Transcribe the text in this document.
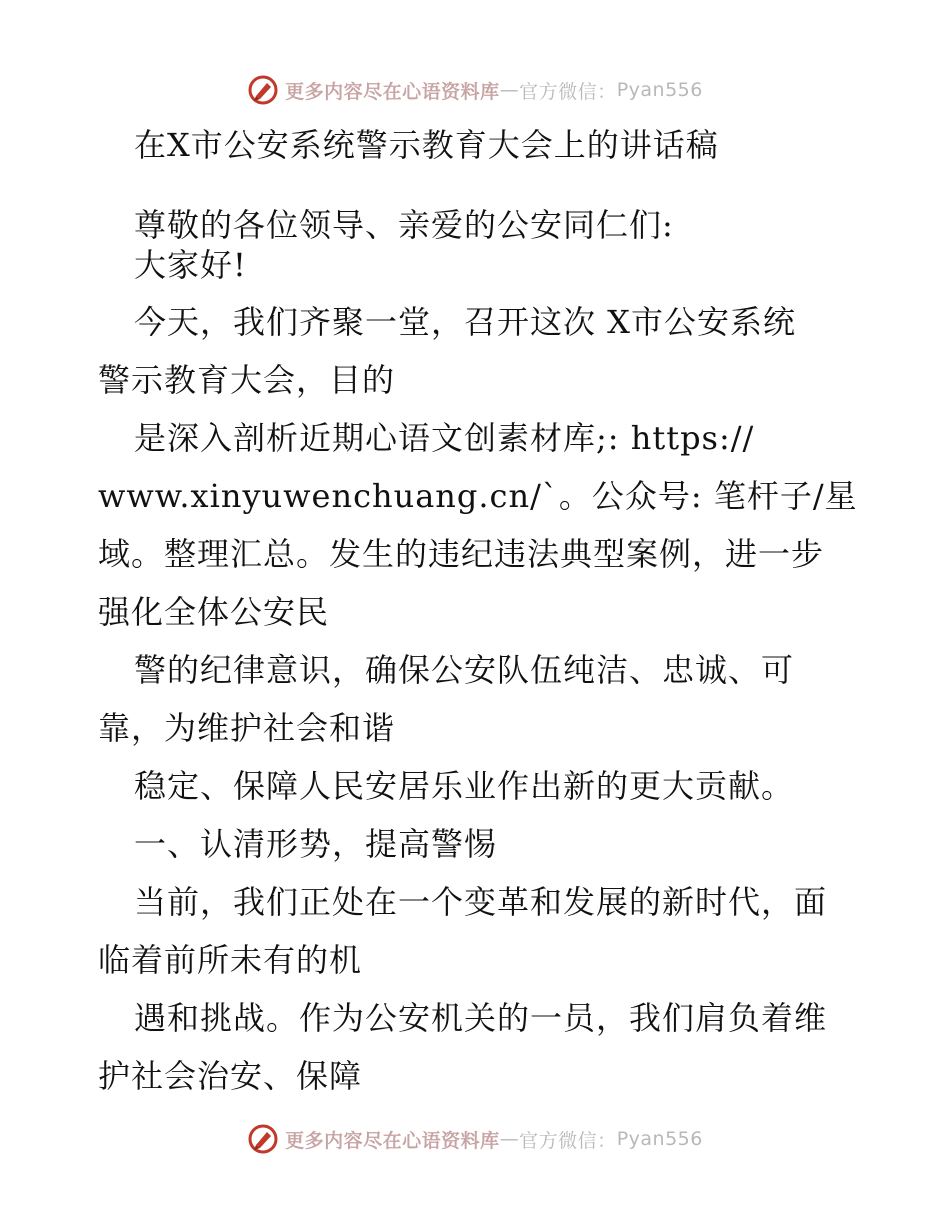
更多内容尽在心语资料库 — 官方微信： Pyan556
在X市公安系统警示教育大会上的讲话稿
尊敬的各位领导、亲爱的公安同仁们:
大家好!
今天，我们齐聚一堂，召开这次 X市公安系统
警示教育大会，目的
是深入剖析近期心语文创素材库;: https://
www.xinyuwenchuang.cn/`。公众号: 笔杆子/星
域。整理汇总。发生的违纪违法典型案例，进一步
强化全体公安民
警的纪律意识，确保公安队伍纯洁、忠诚、可
靠，为维护社会和谐
稳定、保障人民安居乐业作出新的更大贡献。
一、认清形势，提高警惕
当前，我们正处在一个变革和发展的新时代，面
临着前所未有的机
遇和挑战。作为公安机关的一员，我们肩负着维
护社会治安、保障
更多内容尽在心语资料库 — 官方微信： Pyan556
